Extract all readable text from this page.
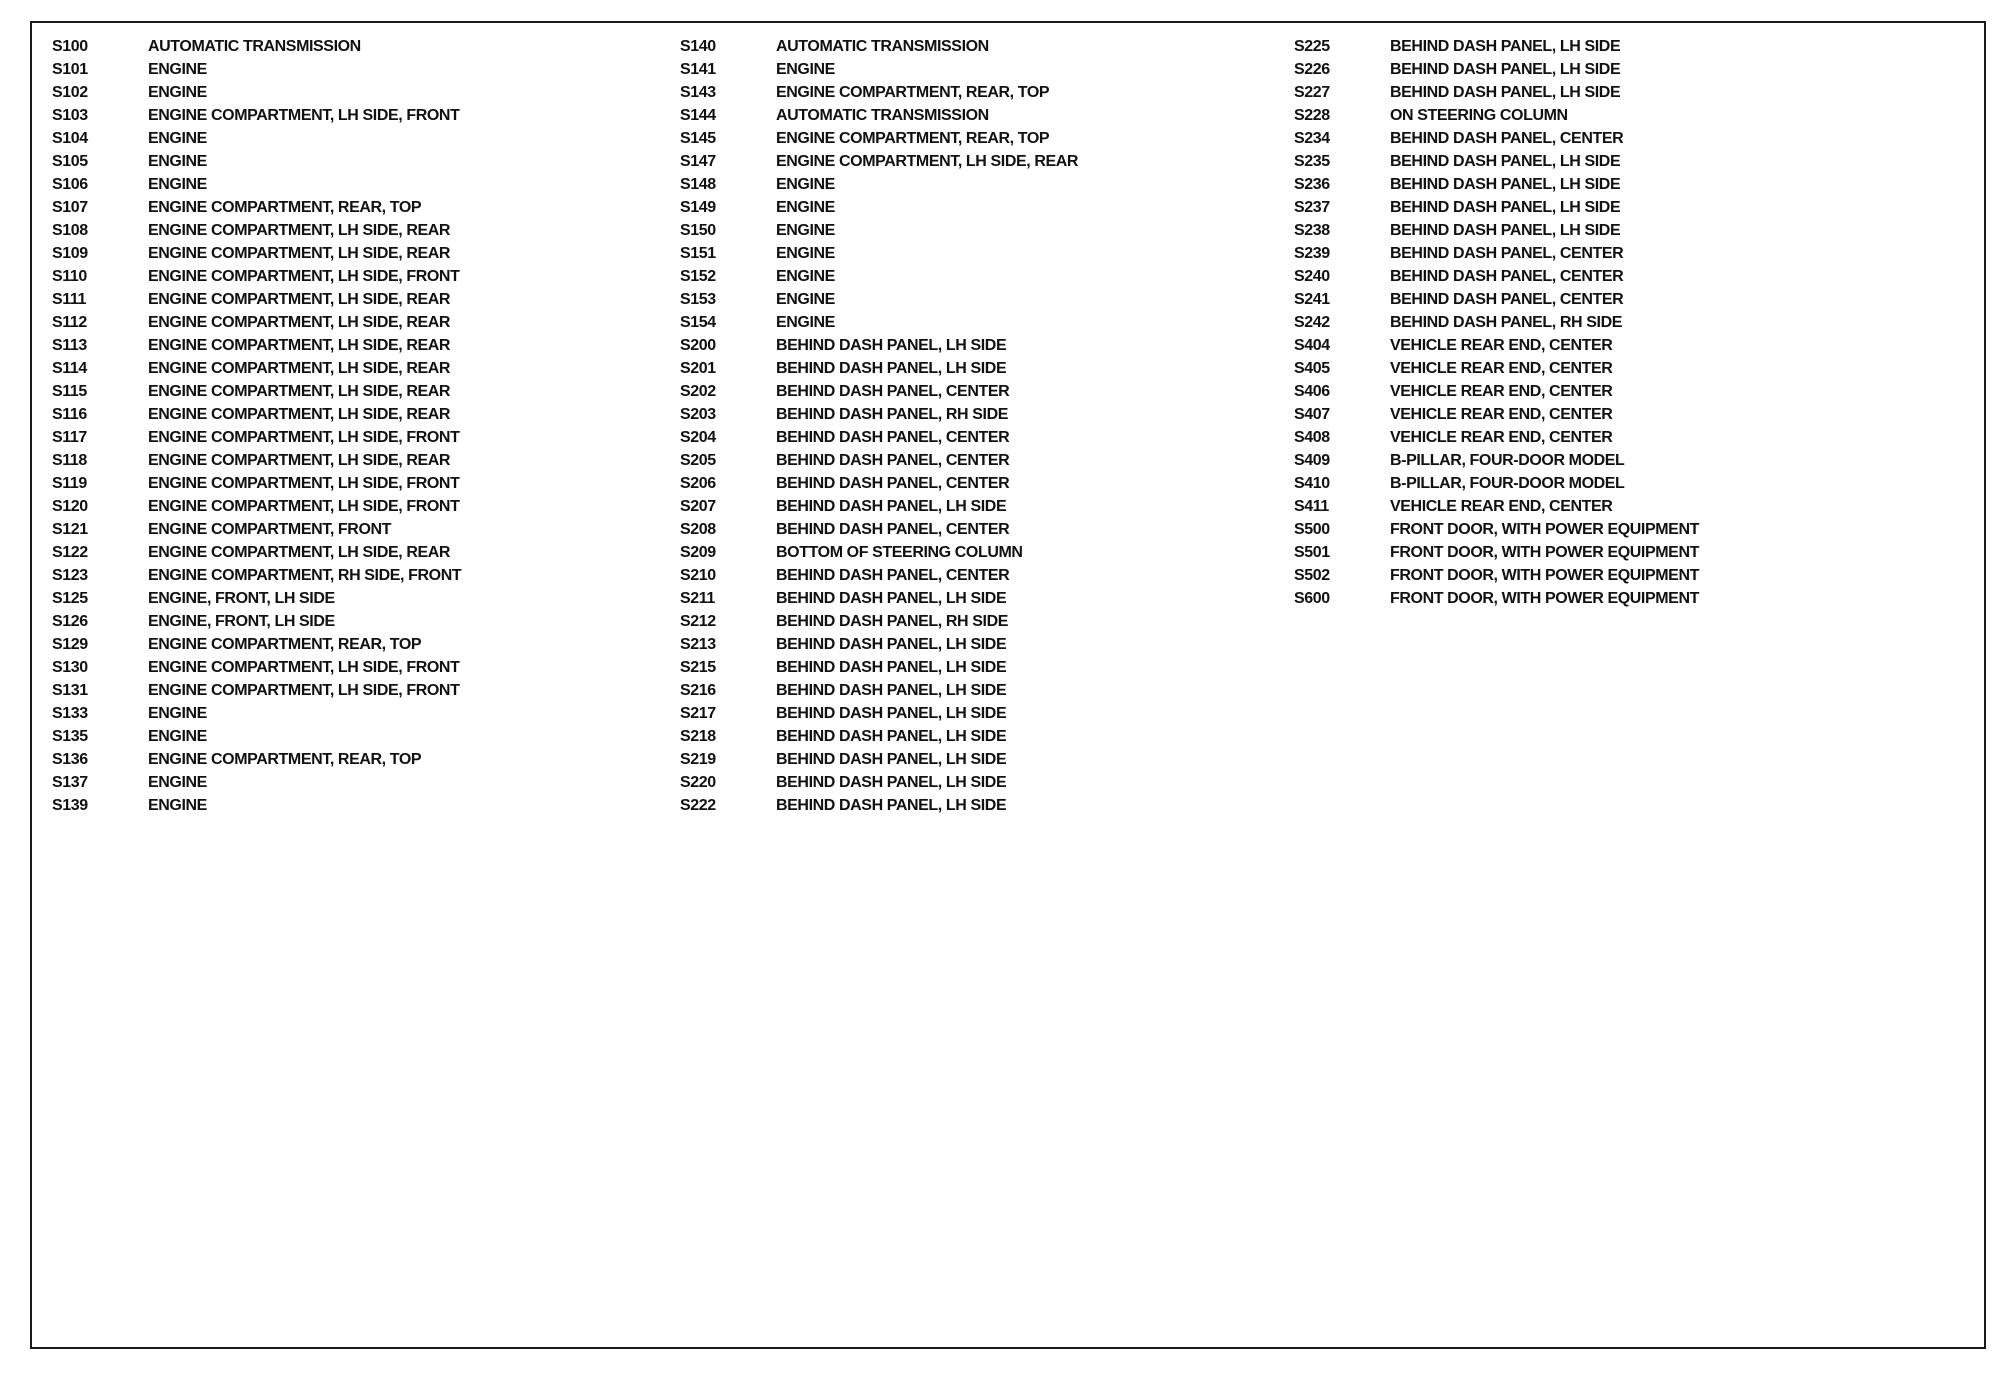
S100	AUTOMATIC TRANSMISSION
S101	ENGINE
S102	ENGINE
S103	ENGINE COMPARTMENT, LH SIDE, FRONT
S104	ENGINE
S105	ENGINE
S106	ENGINE
S107	ENGINE COMPARTMENT, REAR, TOP
S108	ENGINE COMPARTMENT, LH SIDE, REAR
S109	ENGINE COMPARTMENT, LH SIDE, REAR
S110	ENGINE COMPARTMENT, LH SIDE, FRONT
S111	ENGINE COMPARTMENT, LH SIDE, REAR
S112	ENGINE COMPARTMENT, LH SIDE, REAR
S113	ENGINE COMPARTMENT, LH SIDE, REAR
S114	ENGINE COMPARTMENT, LH SIDE, REAR
S115	ENGINE COMPARTMENT, LH SIDE, REAR
S116	ENGINE COMPARTMENT, LH SIDE, REAR
S117	ENGINE COMPARTMENT, LH SIDE, FRONT
S118	ENGINE COMPARTMENT, LH SIDE, REAR
S119	ENGINE COMPARTMENT, LH SIDE, FRONT
S120	ENGINE COMPARTMENT, LH SIDE, FRONT
S121	ENGINE COMPARTMENT, FRONT
S122	ENGINE COMPARTMENT, LH SIDE, REAR
S123	ENGINE COMPARTMENT, RH SIDE, FRONT
S125	ENGINE, FRONT, LH SIDE
S126	ENGINE, FRONT, LH SIDE
S129	ENGINE COMPARTMENT, REAR, TOP
S130	ENGINE COMPARTMENT, LH SIDE, FRONT
S131	ENGINE COMPARTMENT, LH SIDE, FRONT
S133	ENGINE
S135	ENGINE
S136	ENGINE COMPARTMENT, REAR, TOP
S137	ENGINE
S139	ENGINE
S140	AUTOMATIC TRANSMISSION
S141	ENGINE
S143	ENGINE COMPARTMENT, REAR, TOP
S144	AUTOMATIC TRANSMISSION
S145	ENGINE COMPARTMENT, REAR, TOP
S147	ENGINE COMPARTMENT, LH SIDE, REAR
S148	ENGINE
S149	ENGINE
S150	ENGINE
S151	ENGINE
S152	ENGINE
S153	ENGINE
S154	ENGINE
S200	BEHIND DASH PANEL, LH SIDE
S201	BEHIND DASH PANEL, LH SIDE
S202	BEHIND DASH PANEL, CENTER
S203	BEHIND DASH PANEL, RH SIDE
S204	BEHIND DASH PANEL, CENTER
S205	BEHIND DASH PANEL, CENTER
S206	BEHIND DASH PANEL, CENTER
S207	BEHIND DASH PANEL, LH SIDE
S208	BEHIND DASH PANEL, CENTER
S209	BOTTOM OF STEERING COLUMN
S210	BEHIND DASH PANEL, CENTER
S211	BEHIND DASH PANEL, LH SIDE
S212	BEHIND DASH PANEL, RH SIDE
S213	BEHIND DASH PANEL, LH SIDE
S215	BEHIND DASH PANEL, LH SIDE
S216	BEHIND DASH PANEL, LH SIDE
S217	BEHIND DASH PANEL, LH SIDE
S218	BEHIND DASH PANEL, LH SIDE
S219	BEHIND DASH PANEL, LH SIDE
S220	BEHIND DASH PANEL, LH SIDE
S222	BEHIND DASH PANEL, LH SIDE
S225	BEHIND DASH PANEL, LH SIDE
S226	BEHIND DASH PANEL, LH SIDE
S227	BEHIND DASH PANEL, LH SIDE
S228	ON STEERING COLUMN
S234	BEHIND DASH PANEL, CENTER
S235	BEHIND DASH PANEL, LH SIDE
S236	BEHIND DASH PANEL, LH SIDE
S237	BEHIND DASH PANEL, LH SIDE
S238	BEHIND DASH PANEL, LH SIDE
S239	BEHIND DASH PANEL, CENTER
S240	BEHIND DASH PANEL, CENTER
S241	BEHIND DASH PANEL, CENTER
S242	BEHIND DASH PANEL, RH SIDE
S404	VEHICLE REAR END, CENTER
S405	VEHICLE REAR END, CENTER
S406	VEHICLE REAR END, CENTER
S407	VEHICLE REAR END, CENTER
S408	VEHICLE REAR END, CENTER
S409	B-PILLAR, FOUR-DOOR MODEL
S410	B-PILLAR, FOUR-DOOR MODEL
S411	VEHICLE REAR END, CENTER
S500	FRONT DOOR, WITH POWER EQUIPMENT
S501	FRONT DOOR, WITH POWER EQUIPMENT
S502	FRONT DOOR, WITH POWER EQUIPMENT
S600	FRONT DOOR, WITH POWER EQUIPMENT
